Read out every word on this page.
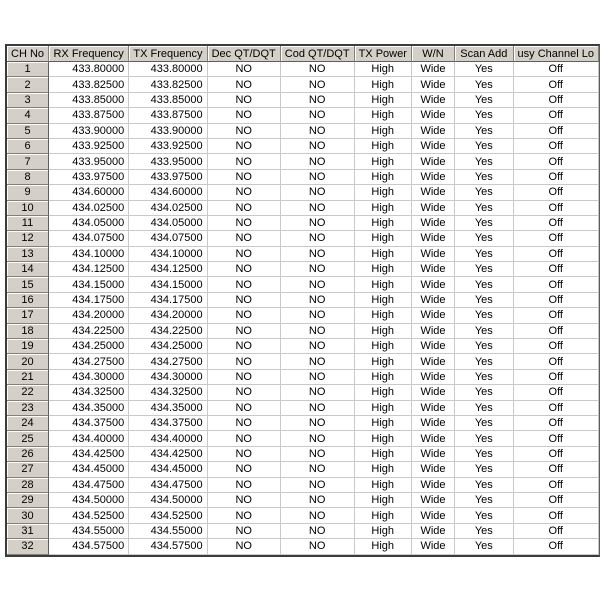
CH No	RX Frequency	TX Frequency	Dec QT/DQT	Cod QT/DQT	TX Power	W/N	Scan Add	usy Channel Lo
1	433.80000	433.80000	NO	NO	High	Wide	Yes	Off
2	433.82500	433.82500	NO	NO	High	Wide	Yes	Off
3	433.85000	433.85000	NO	NO	High	Wide	Yes	Off
4	433.87500	433.87500	NO	NO	High	Wide	Yes	Off
5	433.90000	433.90000	NO	NO	High	Wide	Yes	Off
6	433.92500	433.92500	NO	NO	High	Wide	Yes	Off
7	433.95000	433.95000	NO	NO	High	Wide	Yes	Off
8	433.97500	433.97500	NO	NO	High	Wide	Yes	Off
9	434.60000	434.60000	NO	NO	High	Wide	Yes	Off
10	434.02500	434.02500	NO	NO	High	Wide	Yes	Off
11	434.05000	434.05000	NO	NO	High	Wide	Yes	Off
12	434.07500	434.07500	NO	NO	High	Wide	Yes	Off
13	434.10000	434.10000	NO	NO	High	Wide	Yes	Off
14	434.12500	434.12500	NO	NO	High	Wide	Yes	Off
15	434.15000	434.15000	NO	NO	High	Wide	Yes	Off
16	434.17500	434.17500	NO	NO	High	Wide	Yes	Off
17	434.20000	434.20000	NO	NO	High	Wide	Yes	Off
18	434.22500	434.22500	NO	NO	High	Wide	Yes	Off
19	434.25000	434.25000	NO	NO	High	Wide	Yes	Off
20	434.27500	434.27500	NO	NO	High	Wide	Yes	Off
21	434.30000	434.30000	NO	NO	High	Wide	Yes	Off
22	434.32500	434.32500	NO	NO	High	Wide	Yes	Off
23	434.35000	434.35000	NO	NO	High	Wide	Yes	Off
24	434.37500	434.37500	NO	NO	High	Wide	Yes	Off
25	434.40000	434.40000	NO	NO	High	Wide	Yes	Off
26	434.42500	434.42500	NO	NO	High	Wide	Yes	Off
27	434.45000	434.45000	NO	NO	High	Wide	Yes	Off
28	434.47500	434.47500	NO	NO	High	Wide	Yes	Off
29	434.50000	434.50000	NO	NO	High	Wide	Yes	Off
30	434.52500	434.52500	NO	NO	High	Wide	Yes	Off
31	434.55000	434.55000	NO	NO	High	Wide	Yes	Off
32	434.57500	434.57500	NO	NO	High	Wide	Yes	Off
